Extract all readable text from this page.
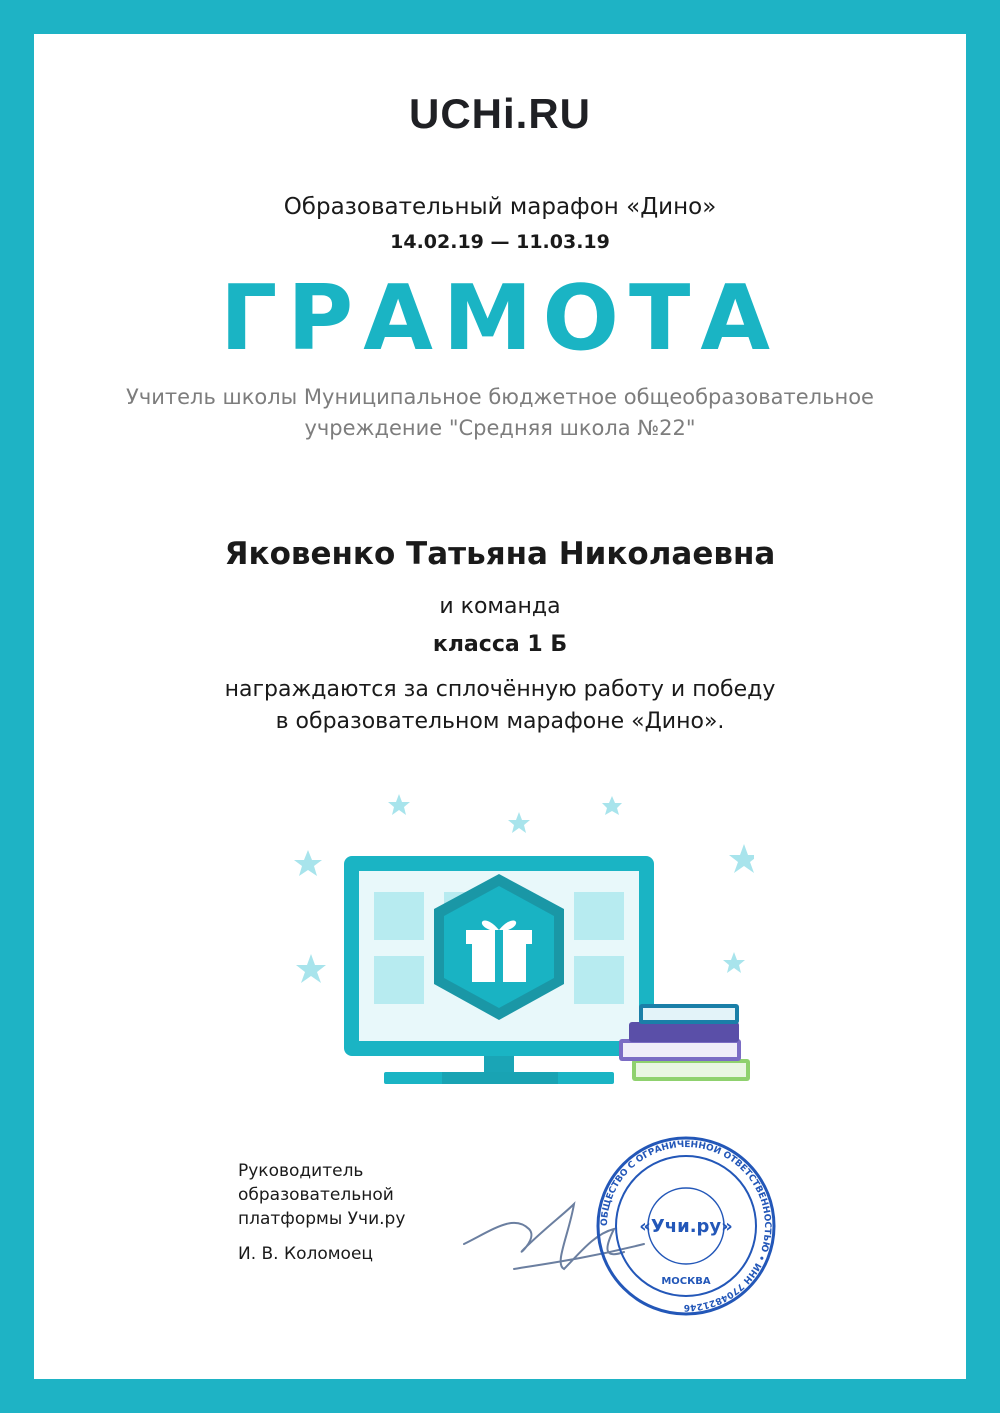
UCHi.RU
Образовательный марафон «Дино»
14.02.19 — 11.03.19
ГРАМОТА
Учитель школы Муниципальное бюджетное общеобразовательное учреждение "Средняя школа №22"
Яковенко Татьяна Николаевна
и команда
класса 1 Б
награждаются за сплочённую работу и победу
в образовательном марафоне «Дино».
Руководитель
образовательной
платформы Учи.ру
И. В. Коломоец
ОБЩЕСТВО С ОГРАНИЧЕННОЙ ОТВЕТСТВЕННОСТЬЮ • ИНН 7704821246
«Учи.ру»
МОСКВА
